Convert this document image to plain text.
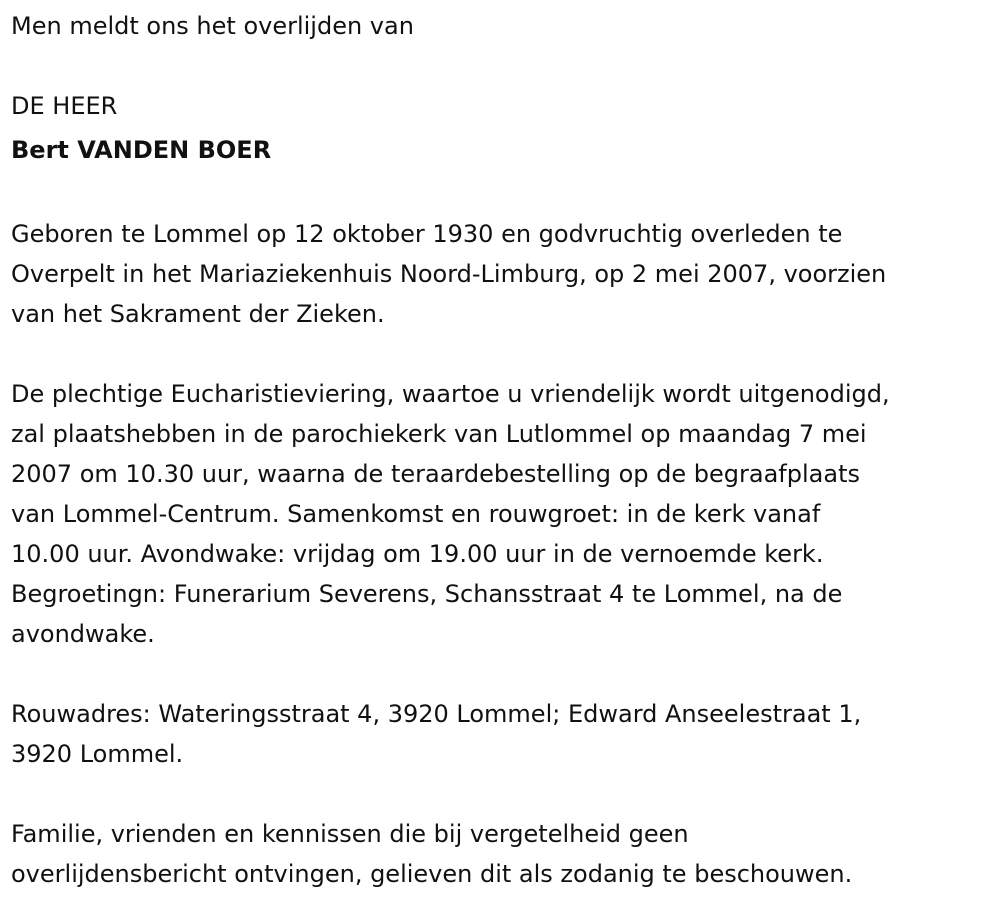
Men meldt ons het overlijden van
DE HEER
Bert VANDEN BOER
Geboren te Lommel op 12 oktober 1930 en godvruchtig overleden te
Overpelt in het Mariaziekenhuis Noord-Limburg, op 2 mei 2007, voorzien
van het Sakrament der Zieken.
De plechtige Eucharistieviering, waartoe u vriendelijk wordt uitgenodigd,
zal plaatshebben in de parochiekerk van Lutlommel op maandag 7 mei
2007 om 10.30 uur, waarna de teraardebestelling op de begraafplaats
van Lommel-Centrum. Samenkomst en rouwgroet: in de kerk vanaf
10.00 uur. Avondwake: vrijdag om 19.00 uur in de vernoemde kerk.
Begroetingn: Funerarium Severens, Schansstraat 4 te Lommel, na de
avondwake.
Rouwadres: Wateringsstraat 4, 3920 Lommel; Edward Anseelestraat 1,
3920 Lommel.
Familie, vrienden en kennissen die bij vergetelheid geen
overlijdensbericht ontvingen, gelieven dit als zodanig te beschouwen.
